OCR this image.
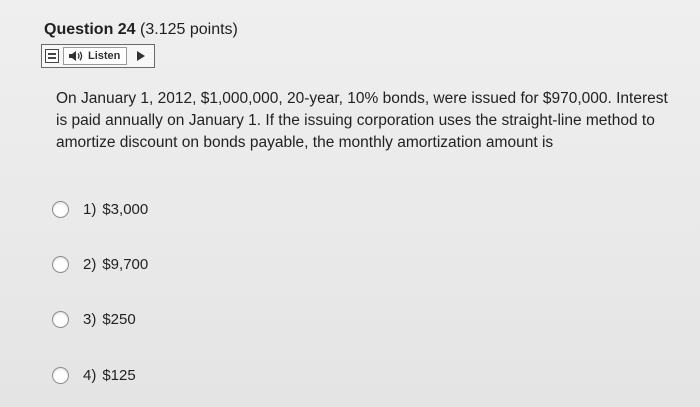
Question 24 (3.125 points)
Listen
On January 1, 2012, $1,000,000, 20-year, 10% bonds, were issued for $970,000. Interest is paid annually on January 1. If the issuing corporation uses the straight-line method to amortize discount on bonds payable, the monthly amortization amount is
1) $3,000
2) $9,700
3) $250
4) $125
